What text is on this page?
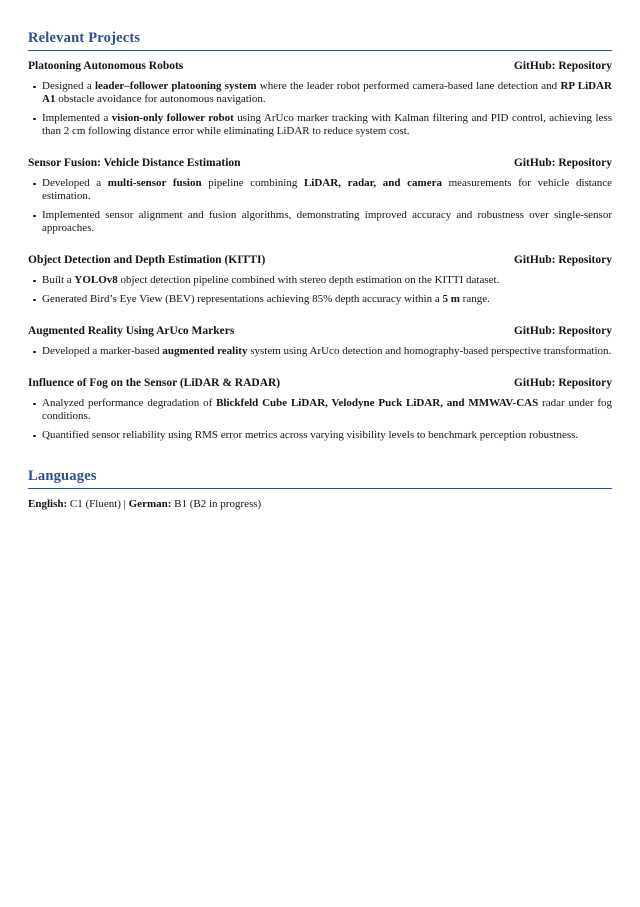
Relevant Projects
Platooning Autonomous Robots	GitHub: Repository
Designed a leader–follower platooning system where the leader robot performed camera-based lane detection and RP LiDAR A1 obstacle avoidance for autonomous navigation.
Implemented a vision-only follower robot using ArUco marker tracking with Kalman filtering and PID control, achieving less than 2 cm following distance error while eliminating LiDAR to reduce system cost.
Sensor Fusion: Vehicle Distance Estimation	GitHub: Repository
Developed a multi-sensor fusion pipeline combining LiDAR, radar, and camera measurements for vehicle distance estimation.
Implemented sensor alignment and fusion algorithms, demonstrating improved accuracy and robustness over single-sensor approaches.
Object Detection and Depth Estimation (KITTI)	GitHub: Repository
Built a YOLOv8 object detection pipeline combined with stereo depth estimation on the KITTI dataset.
Generated Bird’s Eye View (BEV) representations achieving 85% depth accuracy within a 5 m range.
Augmented Reality Using ArUco Markers	GitHub: Repository
Developed a marker-based augmented reality system using ArUco detection and homography-based perspective transformation.
Influence of Fog on the Sensor (LiDAR & RADAR)	GitHub: Repository
Analyzed performance degradation of Blickfeld Cube LiDAR, Velodyne Puck LiDAR, and MMWAV-CAS radar under fog conditions.
Quantified sensor reliability using RMS error metrics across varying visibility levels to benchmark perception robustness.
Languages

English: C1 (Fluent) | German: B1 (B2 in progress)
